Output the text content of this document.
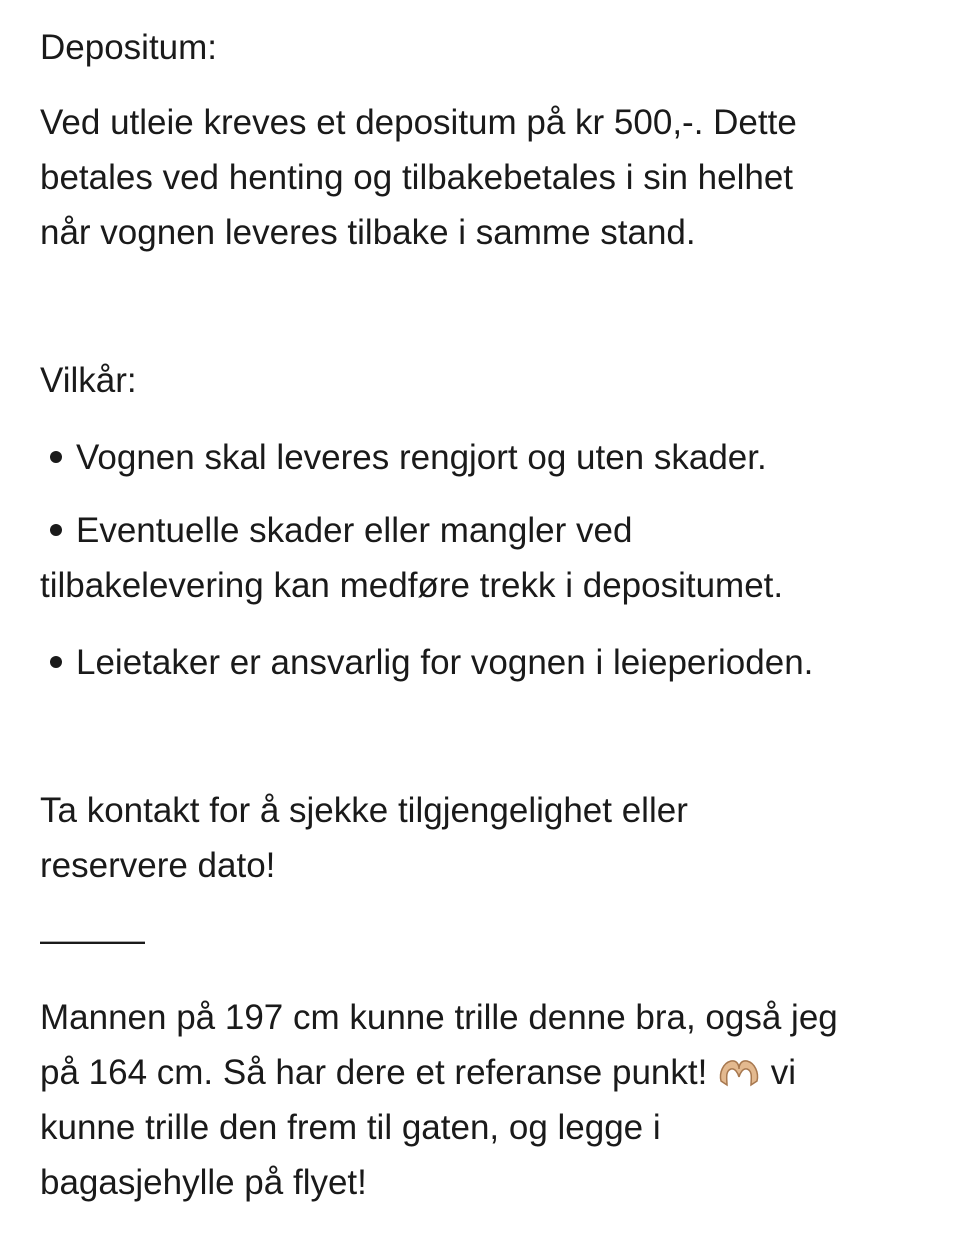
Depositum:
Ved utleie kreves et depositum på kr 500,-. Dette
betales ved henting og tilbakebetales i sin helhet
når vognen leveres tilbake i samme stand.
Vilkår:
Vognen skal leveres rengjort og uten skader.
Eventuelle skader eller mangler ved
tilbakelevering kan medføre trekk i depositumet.
Leietaker er ansvarlig for vognen i leieperioden.
Ta kontakt for å sjekke tilgjengelighet eller
reservere dato!
———
Mannen på 197 cm kunne trille denne bra, også jeg
på 164 cm. Så har dere et referanse punkt!  vi
kunne trille den frem til gaten, og legge i
bagasjehylle på flyet!
